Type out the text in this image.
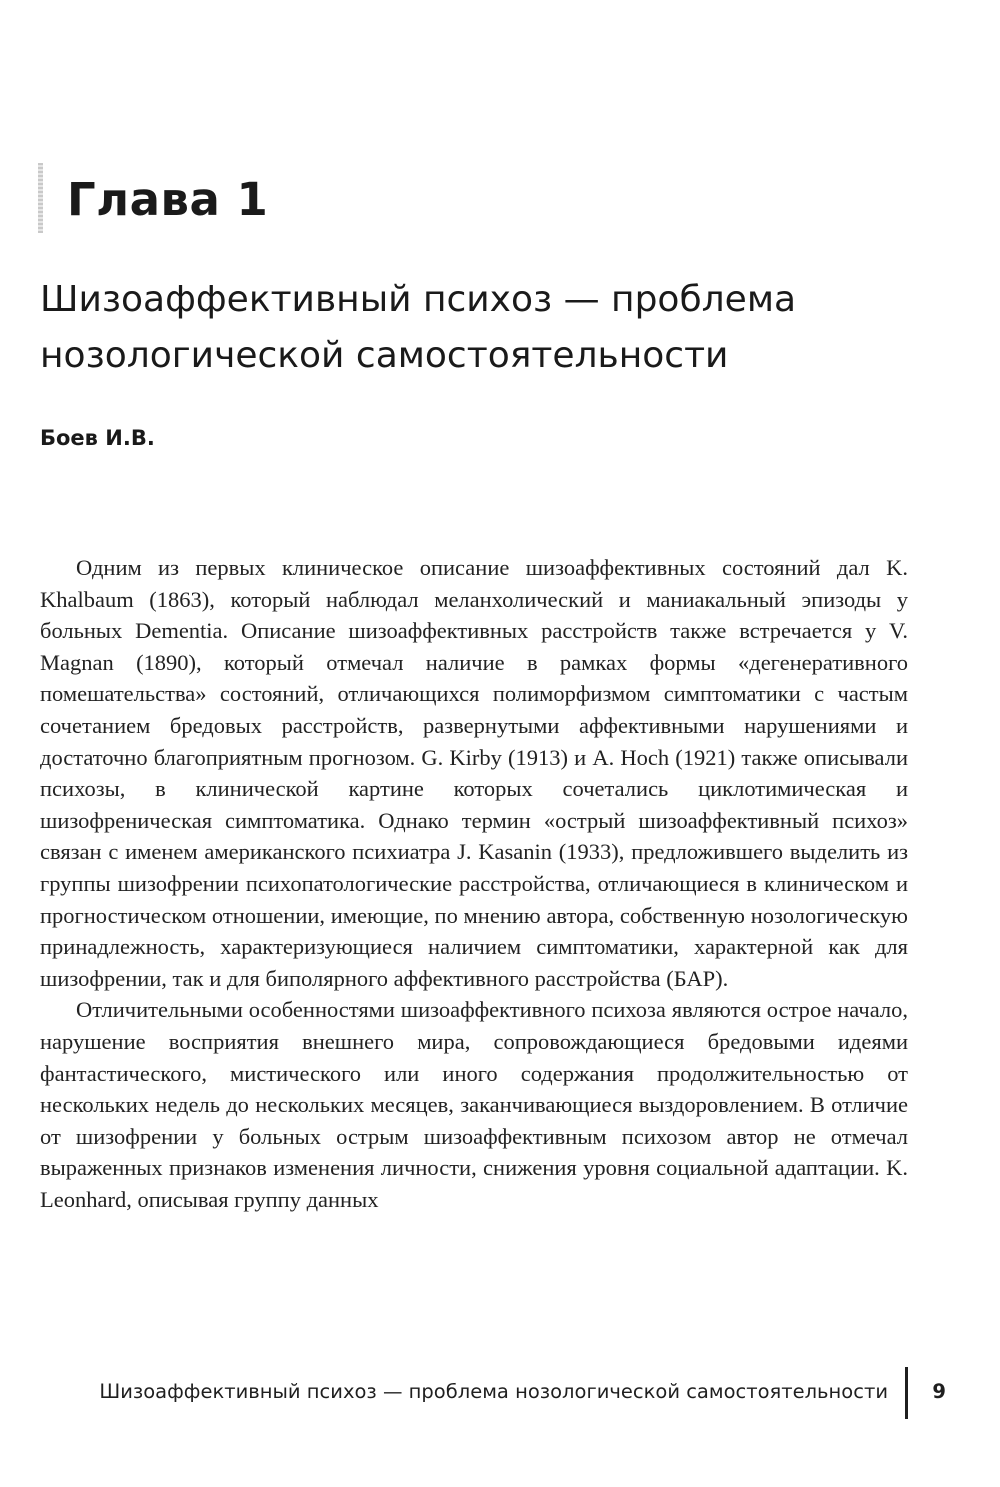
Глава 1
Шизоаффективный психоз — проблема
нозологической самостоятельности
Боев И.В.

Одним из первых клиническое описание шизоаффективных состояний дал K. Khalbaum (1863), который наблюдал меланхолический и маниакальный эпизоды у больных Dementia. Описание шизоаффективных расстройств также встречается у V. Magnan (1890), который отмечал наличие в рамках формы «дегенеративного помешательства» состояний, отличающихся полиморфизмом симптоматики с частым сочетанием бредовых расстройств, развернутыми аффективными нарушениями и достаточно благоприятным прогнозом. G. Kirby (1913) и A. Hoch (1921) также описывали психозы, в клинической картине которых сочетались циклотимическая и шизофреническая симптоматика. Однако термин «острый шизоаффективный психоз» связан с именем американского психиатра J. Kasanin (1933), предложившего выделить из группы шизофрении психопатологические расстройства, отличающиеся в клиническом и прогностическом отношении, имеющие, по мнению автора, собственную нозологическую принадлежность, характеризующиеся наличием симптоматики, характерной как для шизофрении, так и для биполярного аффективного расстройства (БАР).

Отличительными особенностями шизоаффективного психоза являются острое начало, нарушение восприятия внешнего мира, сопровождающиеся бредовыми идеями фантастического, мистического или иного содержания продолжительностью от нескольких недель до нескольких месяцев, заканчивающиеся выздоровлением. В отличие от шизофрении у больных острым шизоаффективным психозом автор не отмечал выраженных признаков изменения личности, снижения уровня социальной адаптации. K. Leonhard, описывая группу данных

Шизоаффективный психоз — проблема нозологической самостоятельности 9
